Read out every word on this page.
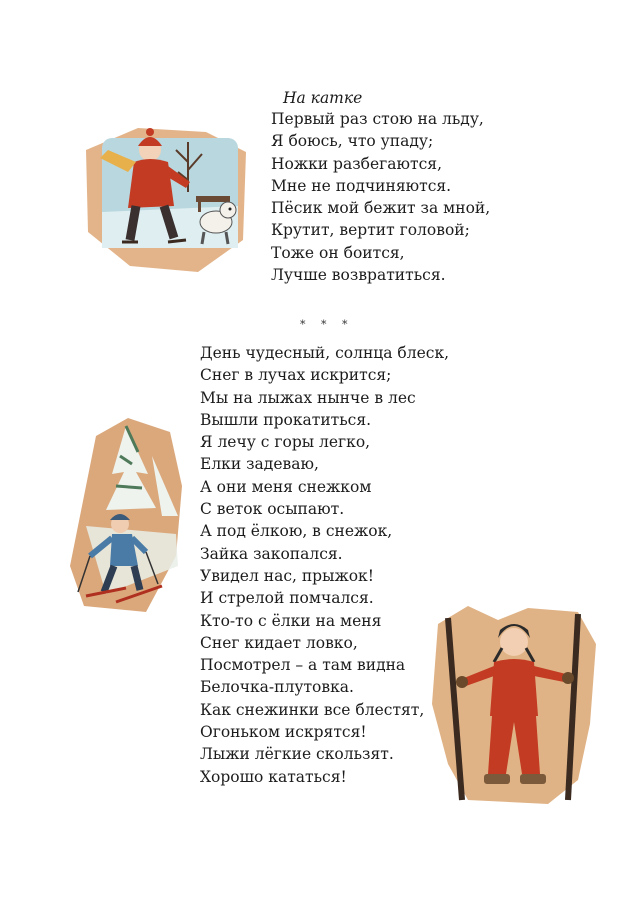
На катке

Первый раз стою на льду,

Я боюсь, что упаду;

Ножки разбегаются,

Мне не подчиняются.

Пёсик мой бежит за мной,

Крутит, вертит головой;

Тоже он боится,

Лучше возвратиться.

* * *

День чудесный, солнца блеск,

Снег в лучах искрится;

Мы на лыжах нынче в лес

Вышли прокатиться.

Я лечу с горы легко,

Елки задеваю,

А они меня снежком

С веток осыпают.

А под ёлкою, в снежок,

Зайка закопался.

Увидел нас, прыжок!

И стрелой помчался.

Кто-то с ёлки на меня

Снег кидает ловко,

Посмотрел – а там видна

Белочка-плутовка.

Как снежинки все блестят,

Огоньком искрятся!

Лыжи лёгкие скользят.

Хорошо кататься!
